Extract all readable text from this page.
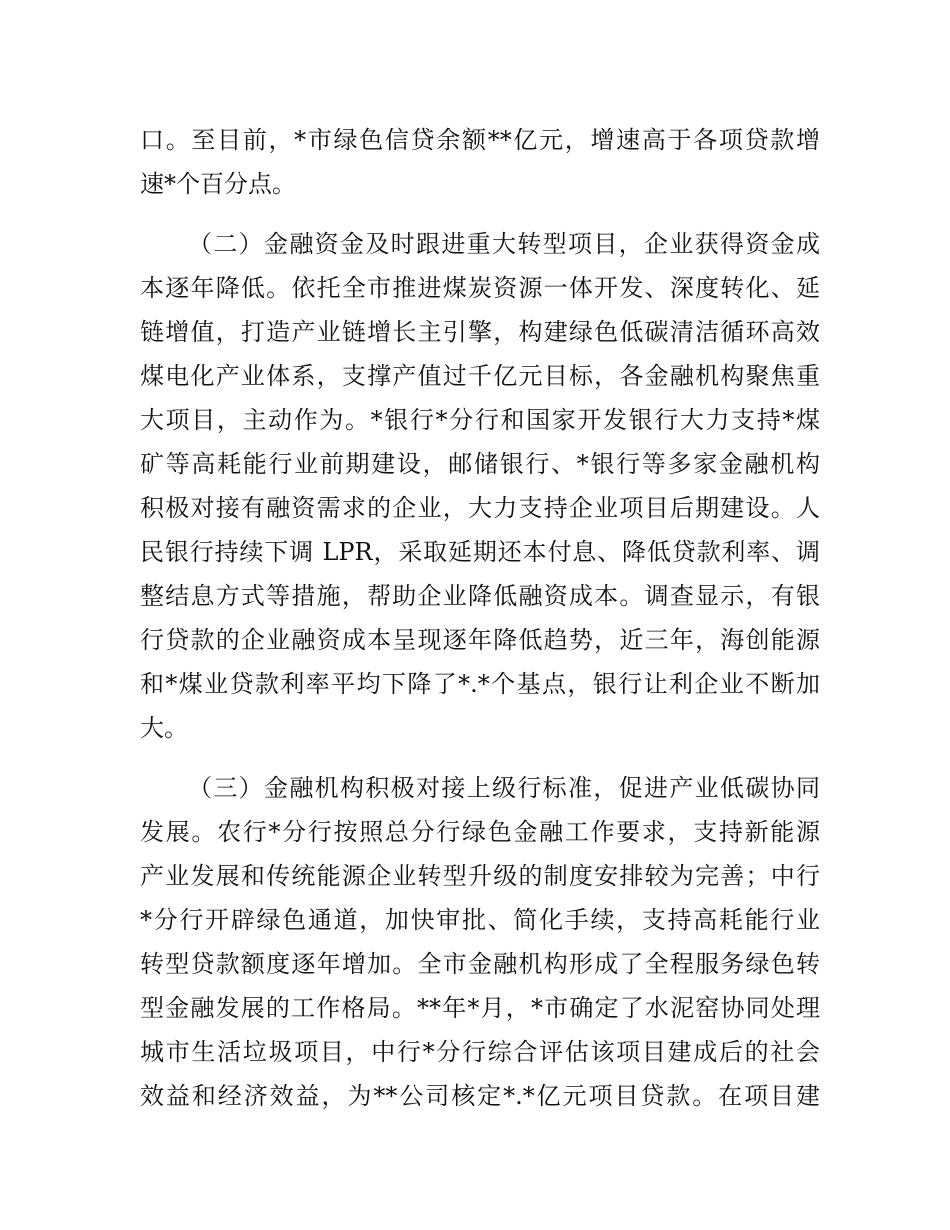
口。至目前，*市绿色信贷余额**亿元，增速高于各项贷款增
速*个百分点。
（二）金融资金及时跟进重大转型项目，企业获得资金成
本逐年降低。依托全市推进煤炭资源一体开发、深度转化、延
链增值，打造产业链增长主引擎，构建绿色低碳清洁循环高效
煤电化产业体系，支撑产值过千亿元目标，各金融机构聚焦重
大项目，主动作为。*银行*分行和国家开发银行大力支持*煤
矿等高耗能行业前期建设，邮储银行、*银行等多家金融机构
积极对接有融资需求的企业，大力支持企业项目后期建设。人
民银行持续下调 LPR，采取延期还本付息、降低贷款利率、调
整结息方式等措施，帮助企业降低融资成本。调查显示，有银
行贷款的企业融资成本呈现逐年降低趋势，近三年，海创能源
和*煤业贷款利率平均下降了*.*个基点，银行让利企业不断加
大。
（三）金融机构积极对接上级行标准，促进产业低碳协同
发展。农行*分行按照总分行绿色金融工作要求，支持新能源
产业发展和传统能源企业转型升级的制度安排较为完善；中行
*分行开辟绿色通道，加快审批、简化手续，支持高耗能行业
转型贷款额度逐年增加。全市金融机构形成了全程服务绿色转
型金融发展的工作格局。**年*月，*市确定了水泥窑协同处理
城市生活垃圾项目，中行*分行综合评估该项目建成后的社会
效益和经济效益，为**公司核定*.*亿元项目贷款。在项目建
